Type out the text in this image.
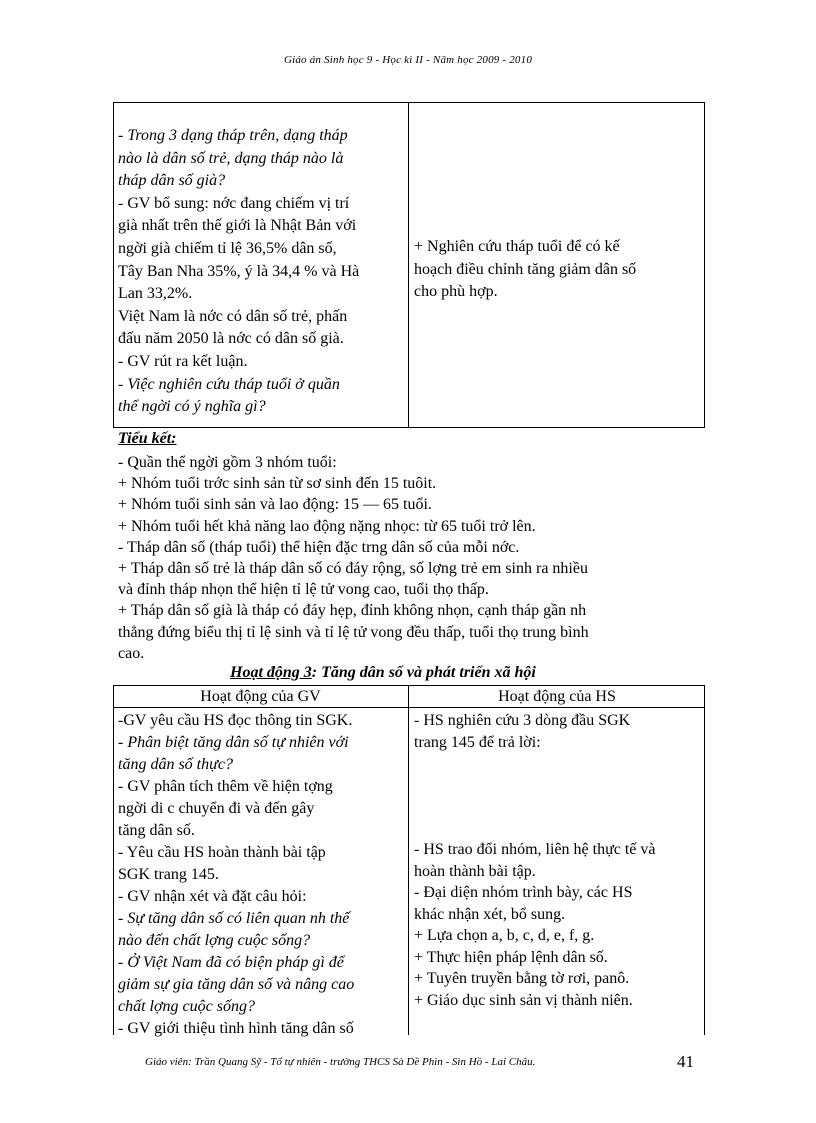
Giáo án Sinh học 9 - Học kì II - Năm học 2009 - 2010
- Trong 3 dạng tháp trên, dạng tháp
nào là dân số trẻ, dạng tháp nào là
tháp dân số già?
- GV bổ sung: nớc đang chiếm vị trí
già nhất trên thế giới là Nhật Bản với
ngời già chiếm tỉ lệ 36,5% dân số,
Tây Ban Nha 35%, ý là 34,4 % và Hà
Lan 33,2%.
Việt Nam là nớc có dân số trẻ, phấn
đấu năm 2050 là nớc có dân số già.
- GV rút ra kết luận.
- Việc nghiên cứu tháp tuổi ở quần
thể ngời có ý nghĩa gì?
+ Nghiên cứu tháp tuổi để có kế
hoạch điều chỉnh tăng giảm dân số
cho phù hợp.
Tiểu kết:
- Quần thể ngời gồm 3 nhóm tuổi:
+ Nhóm tuổi trớc sinh sản từ sơ sinh đến 15 tuôit.
+ Nhóm tuổi sinh sản và lao động: 15 — 65 tuổi.
+ Nhóm tuổi hết khả năng lao động nặng nhọc: từ 65 tuổi trở lên.
- Tháp dân số (tháp tuổi) thể hiện đặc trng dân số của mỗi nớc.
+ Tháp dân số trẻ là tháp dân số có đáy rộng, số lợng trẻ em sinh ra nhiều
và đỉnh tháp nhọn thể hiện tỉ lệ tử vong cao, tuổi thọ thấp.
+ Tháp dân số già là tháp có đáy hẹp, đỉnh không nhọn, cạnh tháp gần nh
thẳng đứng biểu thị tỉ lệ sinh và tỉ lệ tử vong đều thấp, tuổi thọ trung bình
cao.
Hoạt động 3: Tăng dân số và phát triển xã hội
Hoạt động của GV	Hoạt động của HS
-GV yêu cầu HS đọc thông tin SGK.
- Phân biệt tăng dân số tự nhiên với
tăng dân số thực?
- GV phân tích thêm về hiện tợng
ngời di c chuyển đi và đến gây
tăng dân số.
- Yêu cầu HS hoàn thành bài tập
SGK trang 145.
- GV nhận xét và đặt câu hỏi:
- Sự tăng dân số có liên quan nh thế
nào đến chất lợng cuộc sống?
- Ở Việt Nam đã có biện pháp gì để
giảm sự gia tăng dân số và nâng cao
chất lợng cuộc sống?
- GV giới thiệu tình hình tăng dân số
- HS nghiên cứu 3 dòng đầu SGK
trang 145 để trả lời:
- HS trao đổi nhóm, liên hệ thực tế và
hoàn thành bài tập.
- Đại diện nhóm trình bày, các HS
khác nhận xét, bổ sung.
+ Lựa chọn a, b, c, d, e, f, g.
+ Thực hiện pháp lệnh dân số.
+ Tuyên truyền bằng tờ rơi, panô.
+ Giáo dục sinh sản vị thành niên.
Giáo viên: Trần Quang Sỹ - Tổ tự nhiên - trường THCS Sà Dề Phìn - Sìn Hồ - Lai Châu.	41
